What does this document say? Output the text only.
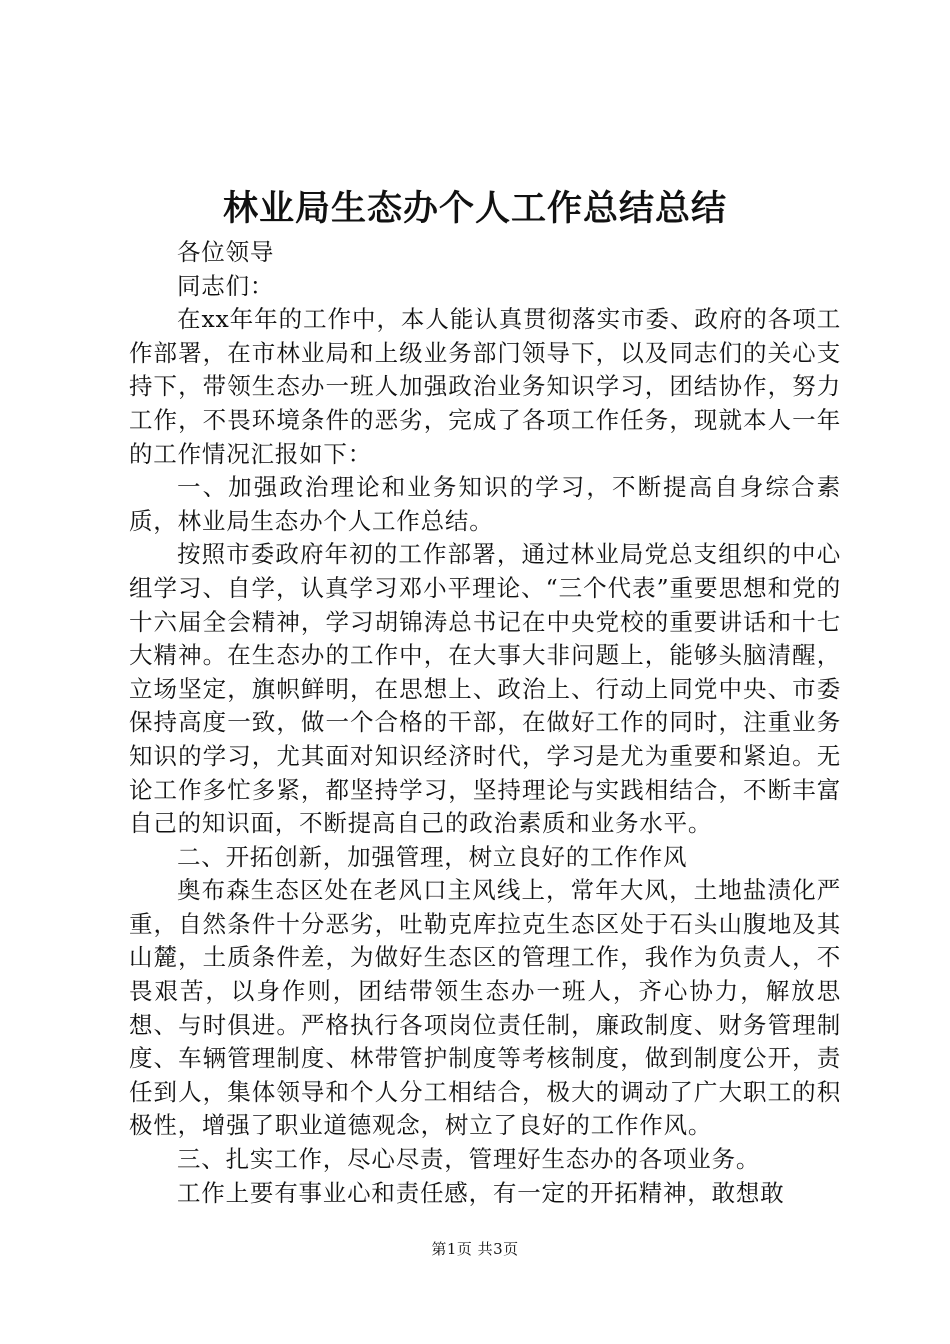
林业局生态办个人工作总结总结
各位领导
同志们：

在xx年年的工作中，本人能认真贯彻落实市委、政府的各项工作部署，在市林业局和上级业务部门领导下，以及同志们的关心支持下，带领生态办一班人加强政治业务知识学习，团结协作，努力工作，不畏环境条件的恶劣，完成了各项工作任务，现就本人一年的工作情况汇报如下：

一、加强政治理论和业务知识的学习，不断提高自身综合素质，林业局生态办个人工作总结。

按照市委政府年初的工作部署，通过林业局党总支组织的中心组学习、自学，认真学习邓小平理论、“三个代表”重要思想和党的十六届全会精神，学习胡锦涛总书记在中央党校的重要讲话和十七大精神。在生态办的工作中，在大事大非问题上，能够头脑清醒，立场坚定，旗帜鲜明，在思想上、政治上、行动上同党中央、市委保持高度一致，做一个合格的干部，在做好工作的同时，注重业务知识的学习，尤其面对知识经济时代，学习是尤为重要和紧迫。无论工作多忙多紧，都坚持学习，坚持理论与实践相结合，不断丰富自己的知识面，不断提高自己的政治素质和业务水平。

二、开拓创新，加强管理，树立良好的工作作风

奥布森生态区处在老风口主风线上，常年大风，土地盐渍化严重，自然条件十分恶劣，吐勒克库拉克生态区处于石头山腹地及其山麓，土质条件差，为做好生态区的管理工作，我作为负责人，不畏艰苦，以身作则，团结带领生态办一班人，齐心协力，解放思想、与时俱进。严格执行各项岗位责任制，廉政制度、财务管理制度、车辆管理制度、林带管护制度等考核制度，做到制度公开，责任到人，集体领导和个人分工相结合，极大的调动了广大职工的积极性，增强了职业道德观念，树立了良好的工作作风。

三、扎实工作，尽心尽责，管理好生态办的各项业务。

工作上要有事业心和责任感，有一定的开拓精神，敢想敢

第1页 共3页
